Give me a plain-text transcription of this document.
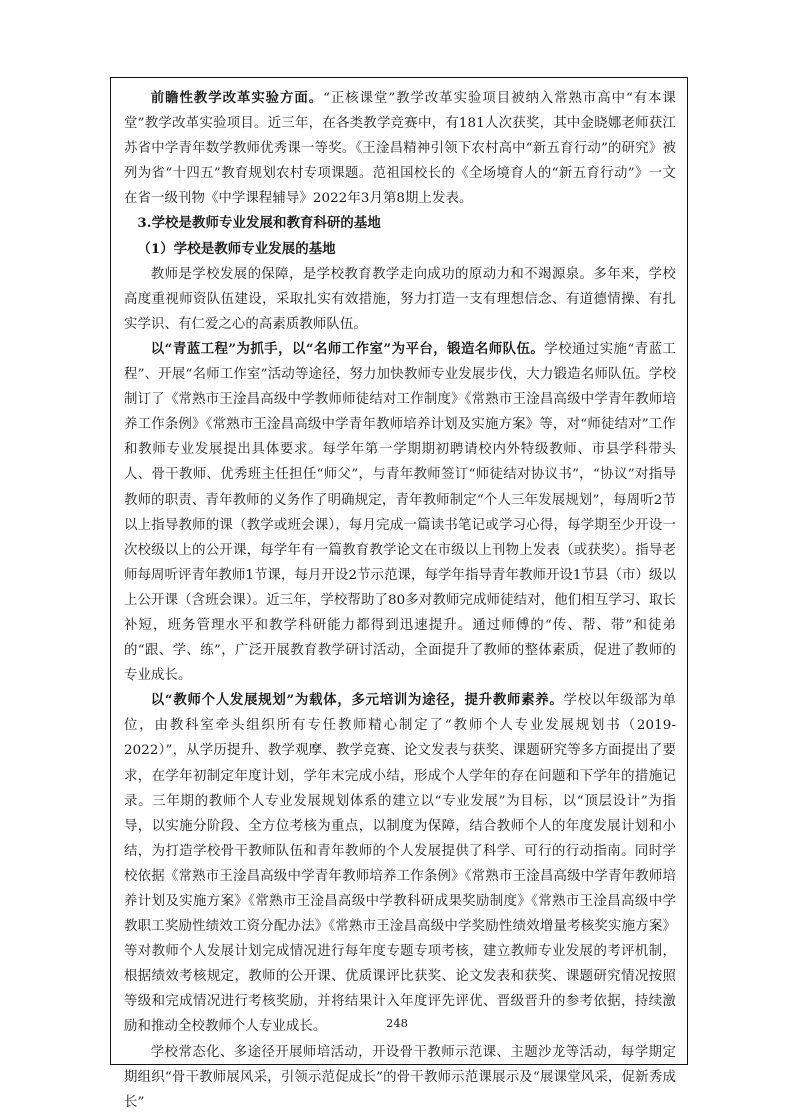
前瞻性教学改革实验方面。“正核课堂”教学改革实验项目被纳入常熟市高中“有本课堂”教学改革实验项目。近三年，在各类教学竞赛中，有181人次获奖，其中金晓娜老师获江苏省中学青年数学教师优秀课一等奖。《王淦昌精神引领下农村高中“新五育行动”的研究》被列为省“十四五”教育规划农村专项课题。范祖国校长的《全场境育人的“新五育行动”》一文在省一级刊物《中学课程辅导》2022年3月第8期上发表。

3.学校是教师专业发展和教育科研的基地

（1）学校是教师专业发展的基地

教师是学校发展的保障，是学校教育教学走向成功的原动力和不竭源泉。多年来，学校高度重视师资队伍建设，采取扎实有效措施，努力打造一支有理想信念、有道德情操、有扎实学识、有仁爱之心的高素质教师队伍。

以“青蓝工程”为抓手，以“名师工作室”为平台，锻造名师队伍。学校通过实施“青蓝工程”、开展“名师工作室”活动等途径，努力加快教师专业发展步伐，大力锻造名师队伍。学校制订了《常熟市王淦昌高级中学教师师徒结对工作制度》《常熟市王淦昌高级中学青年教师培养工作条例》《常熟市王淦昌高级中学青年教师培养计划及实施方案》等，对“师徒结对”工作和教师专业发展提出具体要求。每学年第一学期期初聘请校内外特级教师、市县学科带头人、骨干教师、优秀班主任担任“师父”，与青年教师签订“师徒结对协议书”，“协议”对指导教师的职责、青年教师的义务作了明确规定，青年教师制定“个人三年发展规划”，每周听2节以上指导教师的课（教学或班会课），每月完成一篇读书笔记或学习心得，每学期至少开设一次校级以上的公开课，每学年有一篇教育教学论文在市级以上刊物上发表（或获奖）。指导老师每周听评青年教师1节课，每月开设2节示范课，每学年指导青年教师开设1节县（市）级以上公开课（含班会课）。近三年，学校帮助了80多对教师完成师徒结对，他们相互学习、取长补短，班务管理水平和教学科研能力都得到迅速提升。通过师傅的“传、帮、带”和徒弟的“跟、学、练”，广泛开展教育教学研讨活动，全面提升了教师的整体素质，促进了教师的专业成长。

以“教师个人发展规划”为载体，多元培训为途径，提升教师素养。学校以年级部为单位，由教科室牵头组织所有专任教师精心制定了“教师个人专业发展规划书（2019-2022）”，从学历提升、教学观摩、教学竞赛、论文发表与获奖、课题研究等多方面提出了要求，在学年初制定年度计划，学年末完成小结，形成个人学年的存在问题和下学年的措施记录。三年期的教师个人专业发展规划体系的建立以“专业发展”为目标，以“顶层设计”为指导，以实施分阶段、全方位考核为重点，以制度为保障，结合教师个人的年度发展计划和小结，为打造学校骨干教师队伍和青年教师的个人发展提供了科学、可行的行动指南。同时学校依据《常熟市王淦昌高级中学青年教师培养工作条例》《常熟市王淦昌高级中学青年教师培养计划及实施方案》《常熟市王淦昌高级中学教科研成果奖励制度》《常熟市王淦昌高级中学教职工奖励性绩效工资分配办法》《常熟市王淦昌高级中学奖励性绩效增量考核奖实施方案》等对教师个人发展计划完成情况进行每年度专题专项考核，建立教师专业发展的考评机制，根据绩效考核规定，教师的公开课、优质课评比获奖、论文发表和获奖、课题研究情况按照等级和完成情况进行考核奖励，并将结果计入年度评先评优、晋级晋升的参考依据，持续激励和推动全校教师个人专业成长。

学校常态化、多途径开展师培活动，开设骨干教师示范课、主题沙龙等活动，每学期定期组织“骨干教师展风采，引领示范促成长”的骨干教师示范课展示及“展课堂风采，促新秀成长”

248
